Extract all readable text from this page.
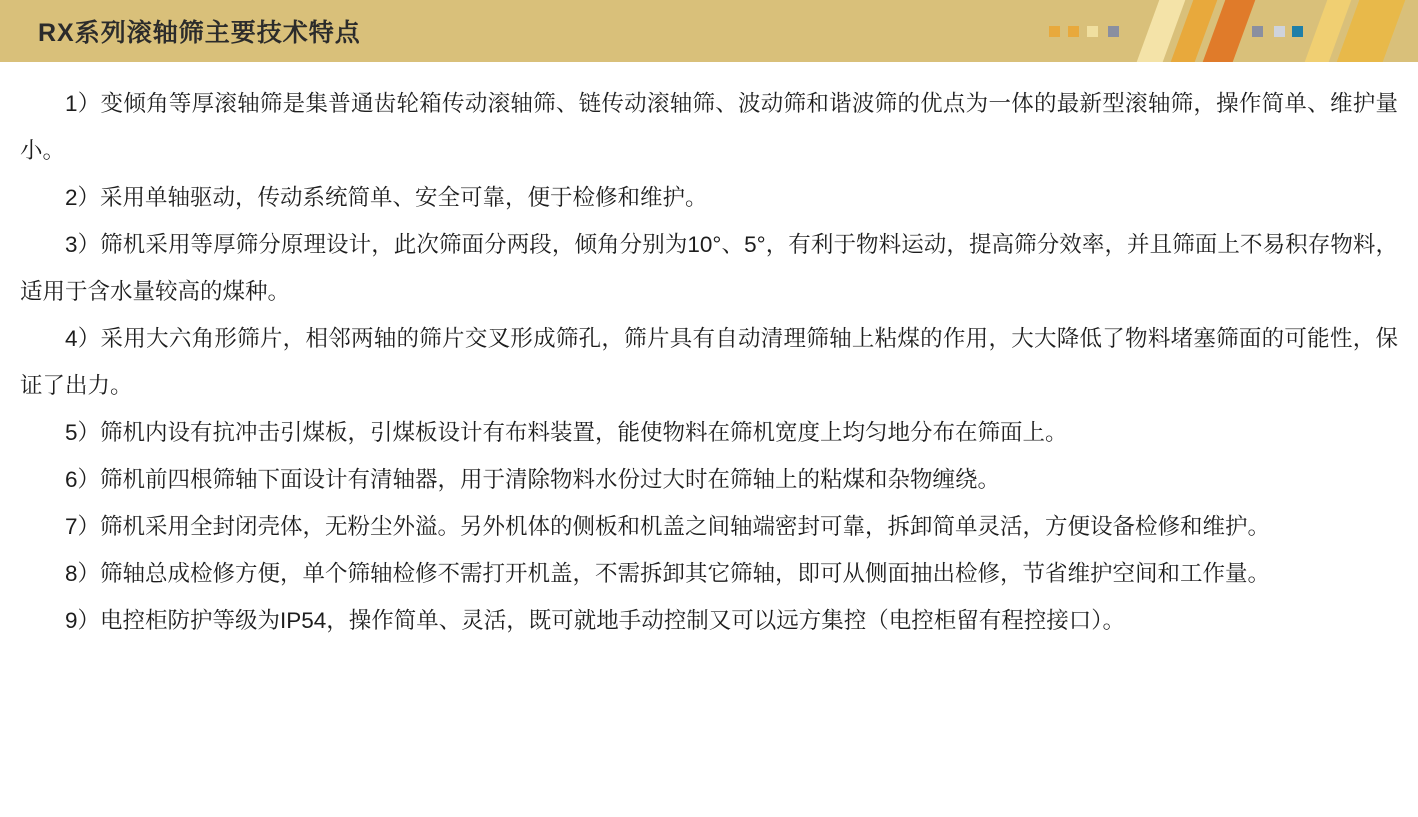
RX系列滚轴筛主要技术特点

1）变倾角等厚滚轴筛是集普通齿轮箱传动滚轴筛、链传动滚轴筛、波动筛和谐波筛的优点为一体的最新型滚轴筛，操作简单、维护量小。

2）采用单轴驱动，传动系统简单、安全可靠，便于检修和维护。

3）筛机采用等厚筛分原理设计，此次筛面分两段，倾角分别为10°、5°，有利于物料运动，提高筛分效率，并且筛面上不易积存物料，适用于含水量较高的煤种。

4）采用大六角形筛片，相邻两轴的筛片交叉形成筛孔，筛片具有自动清理筛轴上粘煤的作用，大大降低了物料堵塞筛面的可能性，保证了出力。

5）筛机内设有抗冲击引煤板，引煤板设计有布料装置，能使物料在筛机宽度上均匀地分布在筛面上。

6）筛机前四根筛轴下面设计有清轴器，用于清除物料水份过大时在筛轴上的粘煤和杂物缠绕。

7）筛机采用全封闭壳体，无粉尘外溢。另外机体的侧板和机盖之间轴端密封可靠，拆卸简单灵活，方便设备检修和维护。

8）筛轴总成检修方便，单个筛轴检修不需打开机盖，不需拆卸其它筛轴，即可从侧面抽出检修，节省维护空间和工作量。

9）电控柜防护等级为IP54，操作简单、灵活，既可就地手动控制又可以远方集控（电控柜留有程控接口）。
